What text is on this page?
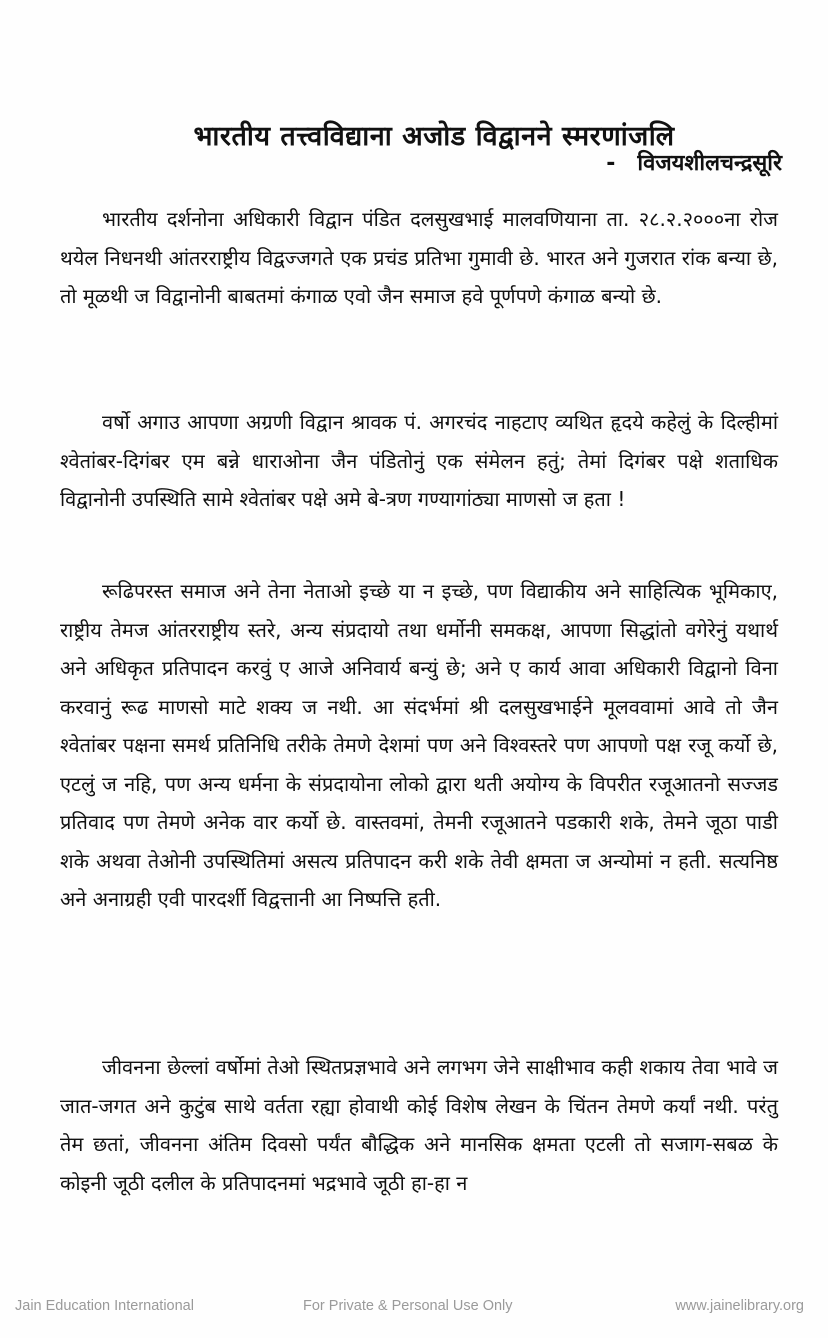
भारतीय तत्त्वविद्याना अजोड विद्वानने स्मरणांजलि
- विजयशीलचन्द्रसूरि

भारतीय दर्शनोना अधिकारी विद्वान पंडित दलसुखभाई मालवणियाना ता. २८.२.२०००ना रोज थयेल निधनथी आंतरराष्ट्रीय विद्वज्जगते एक प्रचंड प्रतिभा गुमावी छे. भारत अने गुजरात रांक बन्या छे, तो मूळथी ज विद्वानोनी बाबतमां कंगाळ एवो जैन समाज हवे पूर्णपणे कंगाळ बन्यो छे.

वर्षो अगाउ आपणा अग्रणी विद्वान श्रावक पं. अगरचंद नाहटाए व्यथित हृदये कहेलुं के दिल्हीमां श्वेतांबर-दिगंबर एम बन्ने धाराओना जैन पंडितोनुं एक संमेलन हतुं; तेमां दिगंबर पक्षे शताधिक विद्वानोनी उपस्थिति सामे श्वेतांबर पक्षे अमे बे-त्रण गण्यागांठ्या माणसो ज हता !

रूढिपरस्त समाज अने तेना नेताओ इच्छे या न इच्छे, पण विद्याकीय अने साहित्यिक भूमिकाए, राष्ट्रीय तेमज आंतरराष्ट्रीय स्तरे, अन्य संप्रदायो तथा धर्मोनी समकक्ष, आपणा सिद्धांतो वगेरेनुं यथार्थ अने अधिकृत प्रतिपादन करवुं ए आजे अनिवार्य बन्युं छे; अने ए कार्य आवा अधिकारी विद्वानो विना करवानुं रूढ माणसो माटे शक्य ज नथी. आ संदर्भमां श्री दलसुखभाईने मूलववामां आवे तो जैन श्वेतांबर पक्षना समर्थ प्रतिनिधि तरीके तेमणे देशमां पण अने विश्वस्तरे पण आपणो पक्ष रजू कर्यो छे, एटलुं ज नहि, पण अन्य धर्मना के संप्रदायोना लोको द्वारा थती अयोग्य के विपरीत रजूआतनो सज्जड प्रतिवाद पण तेमणे अनेक वार कर्यो छे. वास्तवमां, तेमनी रजूआतने पडकारी शके, तेमने जूठा पाडी शके अथवा तेओनी उपस्थितिमां असत्य प्रतिपादन करी शके तेवी क्षमता ज अन्योमां न हती. सत्यनिष्ठ अने अनाग्रही एवी पारदर्शी विद्वत्तानी आ निष्पत्ति हती.

जीवनना छेल्लां वर्षोमां तेओ स्थितप्रज्ञभावे अने लगभग जेने साक्षीभाव कही शकाय तेवा भावे ज जात-जगत अने कुटुंब साथे वर्तता रह्या होवाथी कोई विशेष लेखन के चिंतन तेमणे कर्यां नथी. परंतु तेम छतां, जीवनना अंतिम दिवसो पर्यंत बौद्धिक अने मानसिक क्षमता एटली तो सजाग-सबळ के कोइनी जूठी दलील के प्रतिपादनमां भद्रभावे जूठी हा-हा न

Jain Education International	For Private & Personal Use Only	www.jainelibrary.org
